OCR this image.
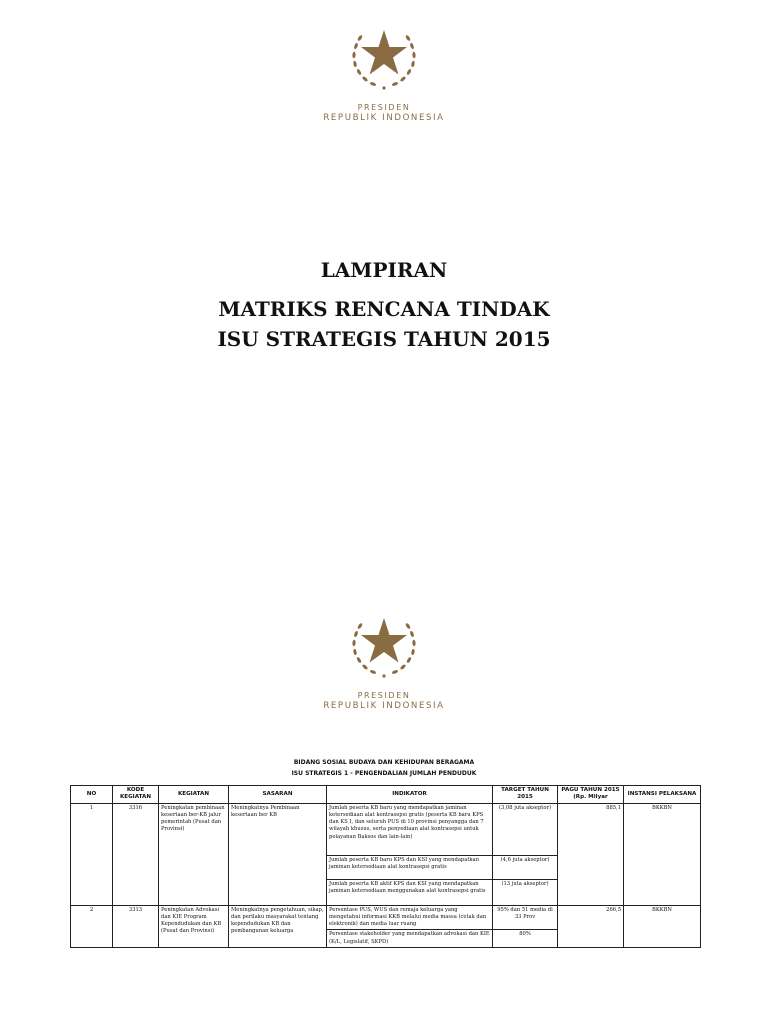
PRESIDEN
REPUBLIK INDONESIA
LAMPIRAN
MATRIKS RENCANA TINDAK
ISU STRATEGIS TAHUN 2015
PRESIDEN
REPUBLIK INDONESIA
BIDANG SOSIAL BUDAYA DAN KEHIDUPAN BERAGAMA
ISU STRATEGIS 1 - PENGENDALIAN JUMLAH PENDUDUK
NO	KODE KEGIATAN	KEGIATAN	SASARAN	INDIKATOR	TARGET TAHUN 2015	PAGU TAHUN 2015 (Rp. Milyar	INSTANSI PELAKSANA
1	3316	Peningkatan pembinaan kesertaan ber-KB jalur pemerintah (Pusat dan Provinsi)	Meningkatnya Pembinaan kesertaan ber KB	Jumlah peserta KB baru yang mendapatkan jaminan ketersediaan alat kontrasepsi gratis (peserta KB baru KPS dan KS I, dan seluruh PUS di 10 provinsi penyangga dan 7 wilayah khusus, serta penyediaan alat kontrasepsi untuk pelayanan Baksos dan lain-lain)	(3,08 juta akseptor)	885,1	BKKBN
				Jumlah peserta KB baru KPS dan KSI yang mendapatkan jaminan ketersediaan alat kontrasepsi gratis	(4,6 juta akseptor)		
				Jumlah peserta KB aktif KPS dan KSI yang mendapatkan jaminan ketersediaan menggunakan alat kontrasepsi gratis	(13 juta akseptor)		
2	3313	Peningkatan Advokasi dan KIE Program Kependudukan dan KB (Pusat dan Provinsi)	Meningkatnya pengetahuan, sikap, dan perilaku masyarakat tentang kependudukan KB dan pembangunan keluarga	Persentase PUS, WUS dan remaja keluarga yang mengetahui informasi KKB melalui media massa (cetak dan elektronik) dan media luar ruang	95% dan 51 media di 33 Prov	266,5	BKKBN
				Persentase stakeholder yang mendapatkan advokasi dan KIE (K/L, Legislatif, SKPD)	80%		
